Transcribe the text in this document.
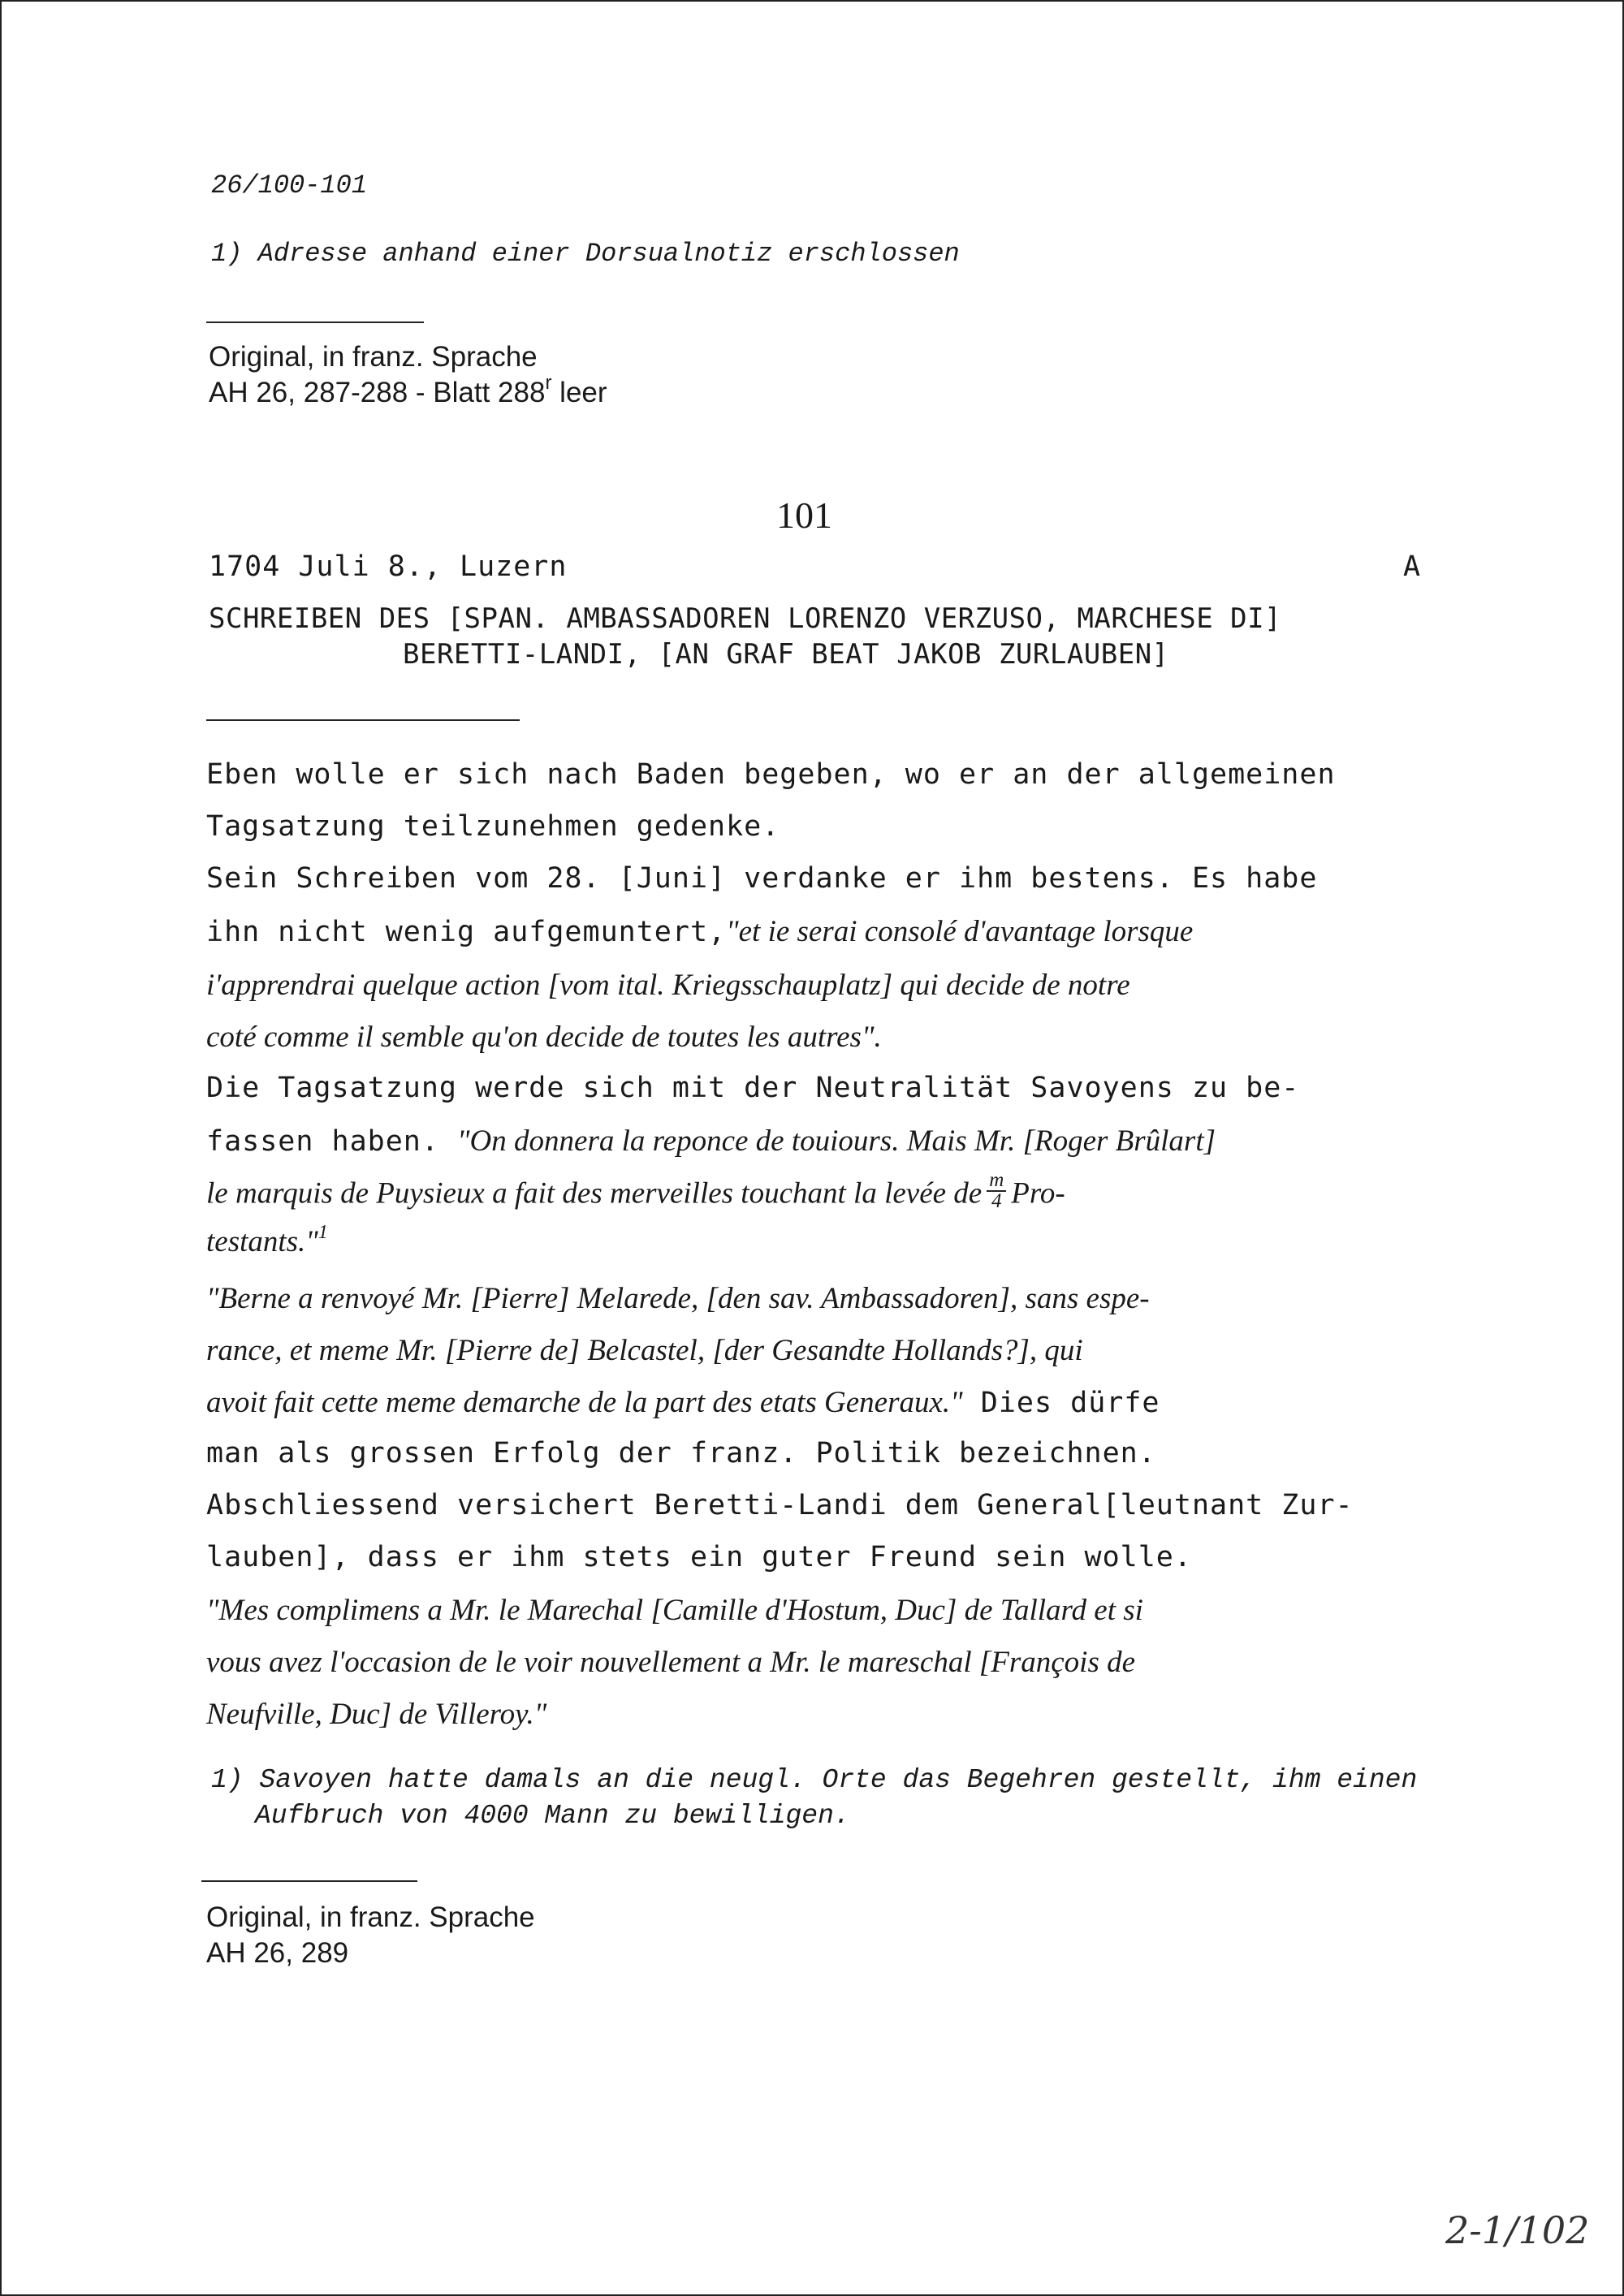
26/100-101
1) Adresse anhand einer Dorsualnotiz erschlossen
Original, in franz. Sprache
AH 26, 287-288 - Blatt 288$^r$ leer
101
1704 Juli 8., Luzern	A
SCHREIBEN DES [SPAN. AMBASSADOREN LORENZO VERZUSO, MARCHESE DI]
BERETTI-LANDI, [AN GRAF BEAT JAKOB ZURLAUBEN]
Eben wolle er sich nach Baden begeben, wo er an der allgemeinen
Tagsatzung teilzunehmen gedenke.
Sein Schreiben vom 28. [Juni] verdanke er ihm bestens. Es habe
ihn nicht wenig aufgemuntert,"et ie serai consolé d'avantage lorsque
i'apprendrai quelque action [vom ital. Kriegsschauplatz] qui decide de notre
coté comme il semble qu'on decide de toutes les autres".
Die Tagsatzung werde sich mit der Neutralität Savoyens zu be-
fassen haben. "On donnera la reponce de touiours. Mais Mr. [Roger Brûlart]
le marquis de Puysieux a fait des merveilles touchant la levée de $\frac{m}{4} Pro-$
testants."$^1$
"Berne a renvoyé Mr. [Pierre] Melarede, [den sav. Ambassadoren], sans espe-
rance, et meme Mr. [Pierre de] Belcastel, [der Gesandte Hollands?], qui
avoit fait cette meme demarche de la part des etats Generaux." Dies dürfe
man als grossen Erfolg der franz. Politik bezeichnen.
Abschliessend versichert Beretti-Landi dem General[leutnant Zur-
lauben], dass er ihm stets ein guter Freund sein wolle.
"Mes complimens a Mr. le Marechal [Camille d'Hostum, Duc] de Tallard et si
vous avez l'occasion de le voir nouvellement a Mr. le mareschal [François de
Neufville, Duc] de Villeroy."
1) Savoyen hatte damals an die neugl. Orte das Begehren gestellt, ihm einen
Aufbruch von 4000 Mann zu bewilligen.
Original, in franz. Sprache
AH 26, 289
2-1/102
